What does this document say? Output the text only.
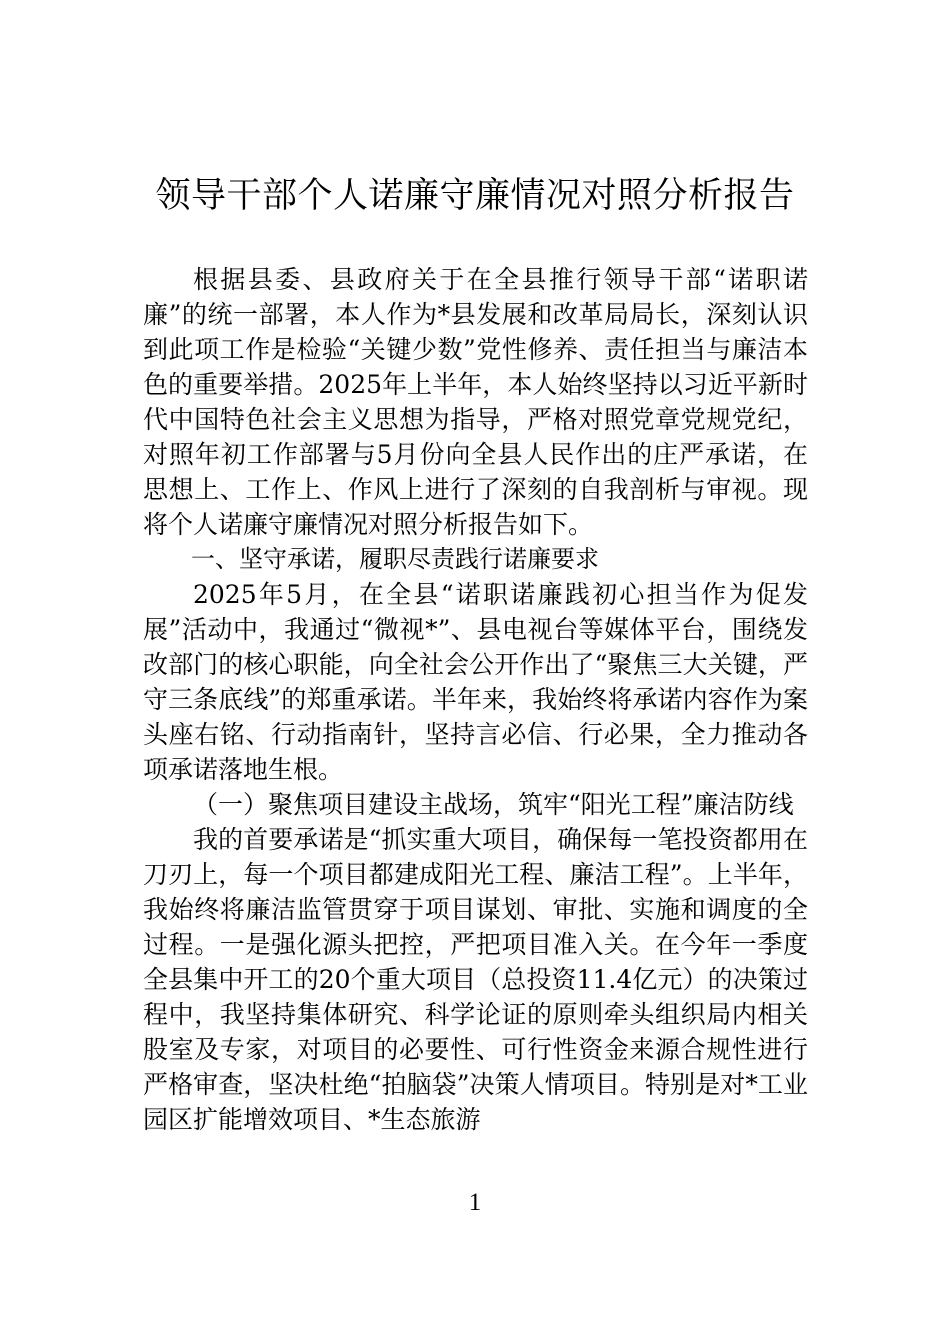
领导干部个人诺廉守廉情况对照分析报告

根据县委、县政府关于在全县推行领导干部“诺职诺廉”的统一部署，本人作为*县发展和改革局局长，深刻认识到此项工作是检验“关键少数”党性修养、责任担当与廉洁本色的重要举措。2025年上半年，本人始终坚持以习近平新时代中国特色社会主义思想为指导，严格对照党章党规党纪，对照年初工作部署与5月份向全县人民作出的庄严承诺，在思想上、工作上、作风上进行了深刻的自我剖析与审视。现将个人诺廉守廉情况对照分析报告如下。

一、坚守承诺，履职尽责践行诺廉要求

2025年5月，在全县“诺职诺廉践初心担当作为促发展”活动中，我通过“微视*”、县电视台等媒体平台，围绕发改部门的核心职能，向全社会公开作出了“聚焦三大关键，严守三条底线”的郑重承诺。半年来，我始终将承诺内容作为案头座右铭、行动指南针，坚持言必信、行必果，全力推动各项承诺落地生根。

（一）聚焦项目建设主战场，筑牢“阳光工程”廉洁防线

我的首要承诺是“抓实重大项目，确保每一笔投资都用在刀刃上，每一个项目都建成阳光工程、廉洁工程”。上半年，我始终将廉洁监管贯穿于项目谋划、审批、实施和调度的全过程。一是强化源头把控，严把项目准入关。在今年一季度全县集中开工的20个重大项目（总投资11.4亿元）的决策过程中，我坚持集体研究、科学论证的原则牵头组织局内相关股室及专家，对项目的必要性、可行性资金来源合规性进行严格审查，坚决杜绝“拍脑袋”决策人情项目。特别是对*工业园区扩能增效项目、*生态旅游

1
